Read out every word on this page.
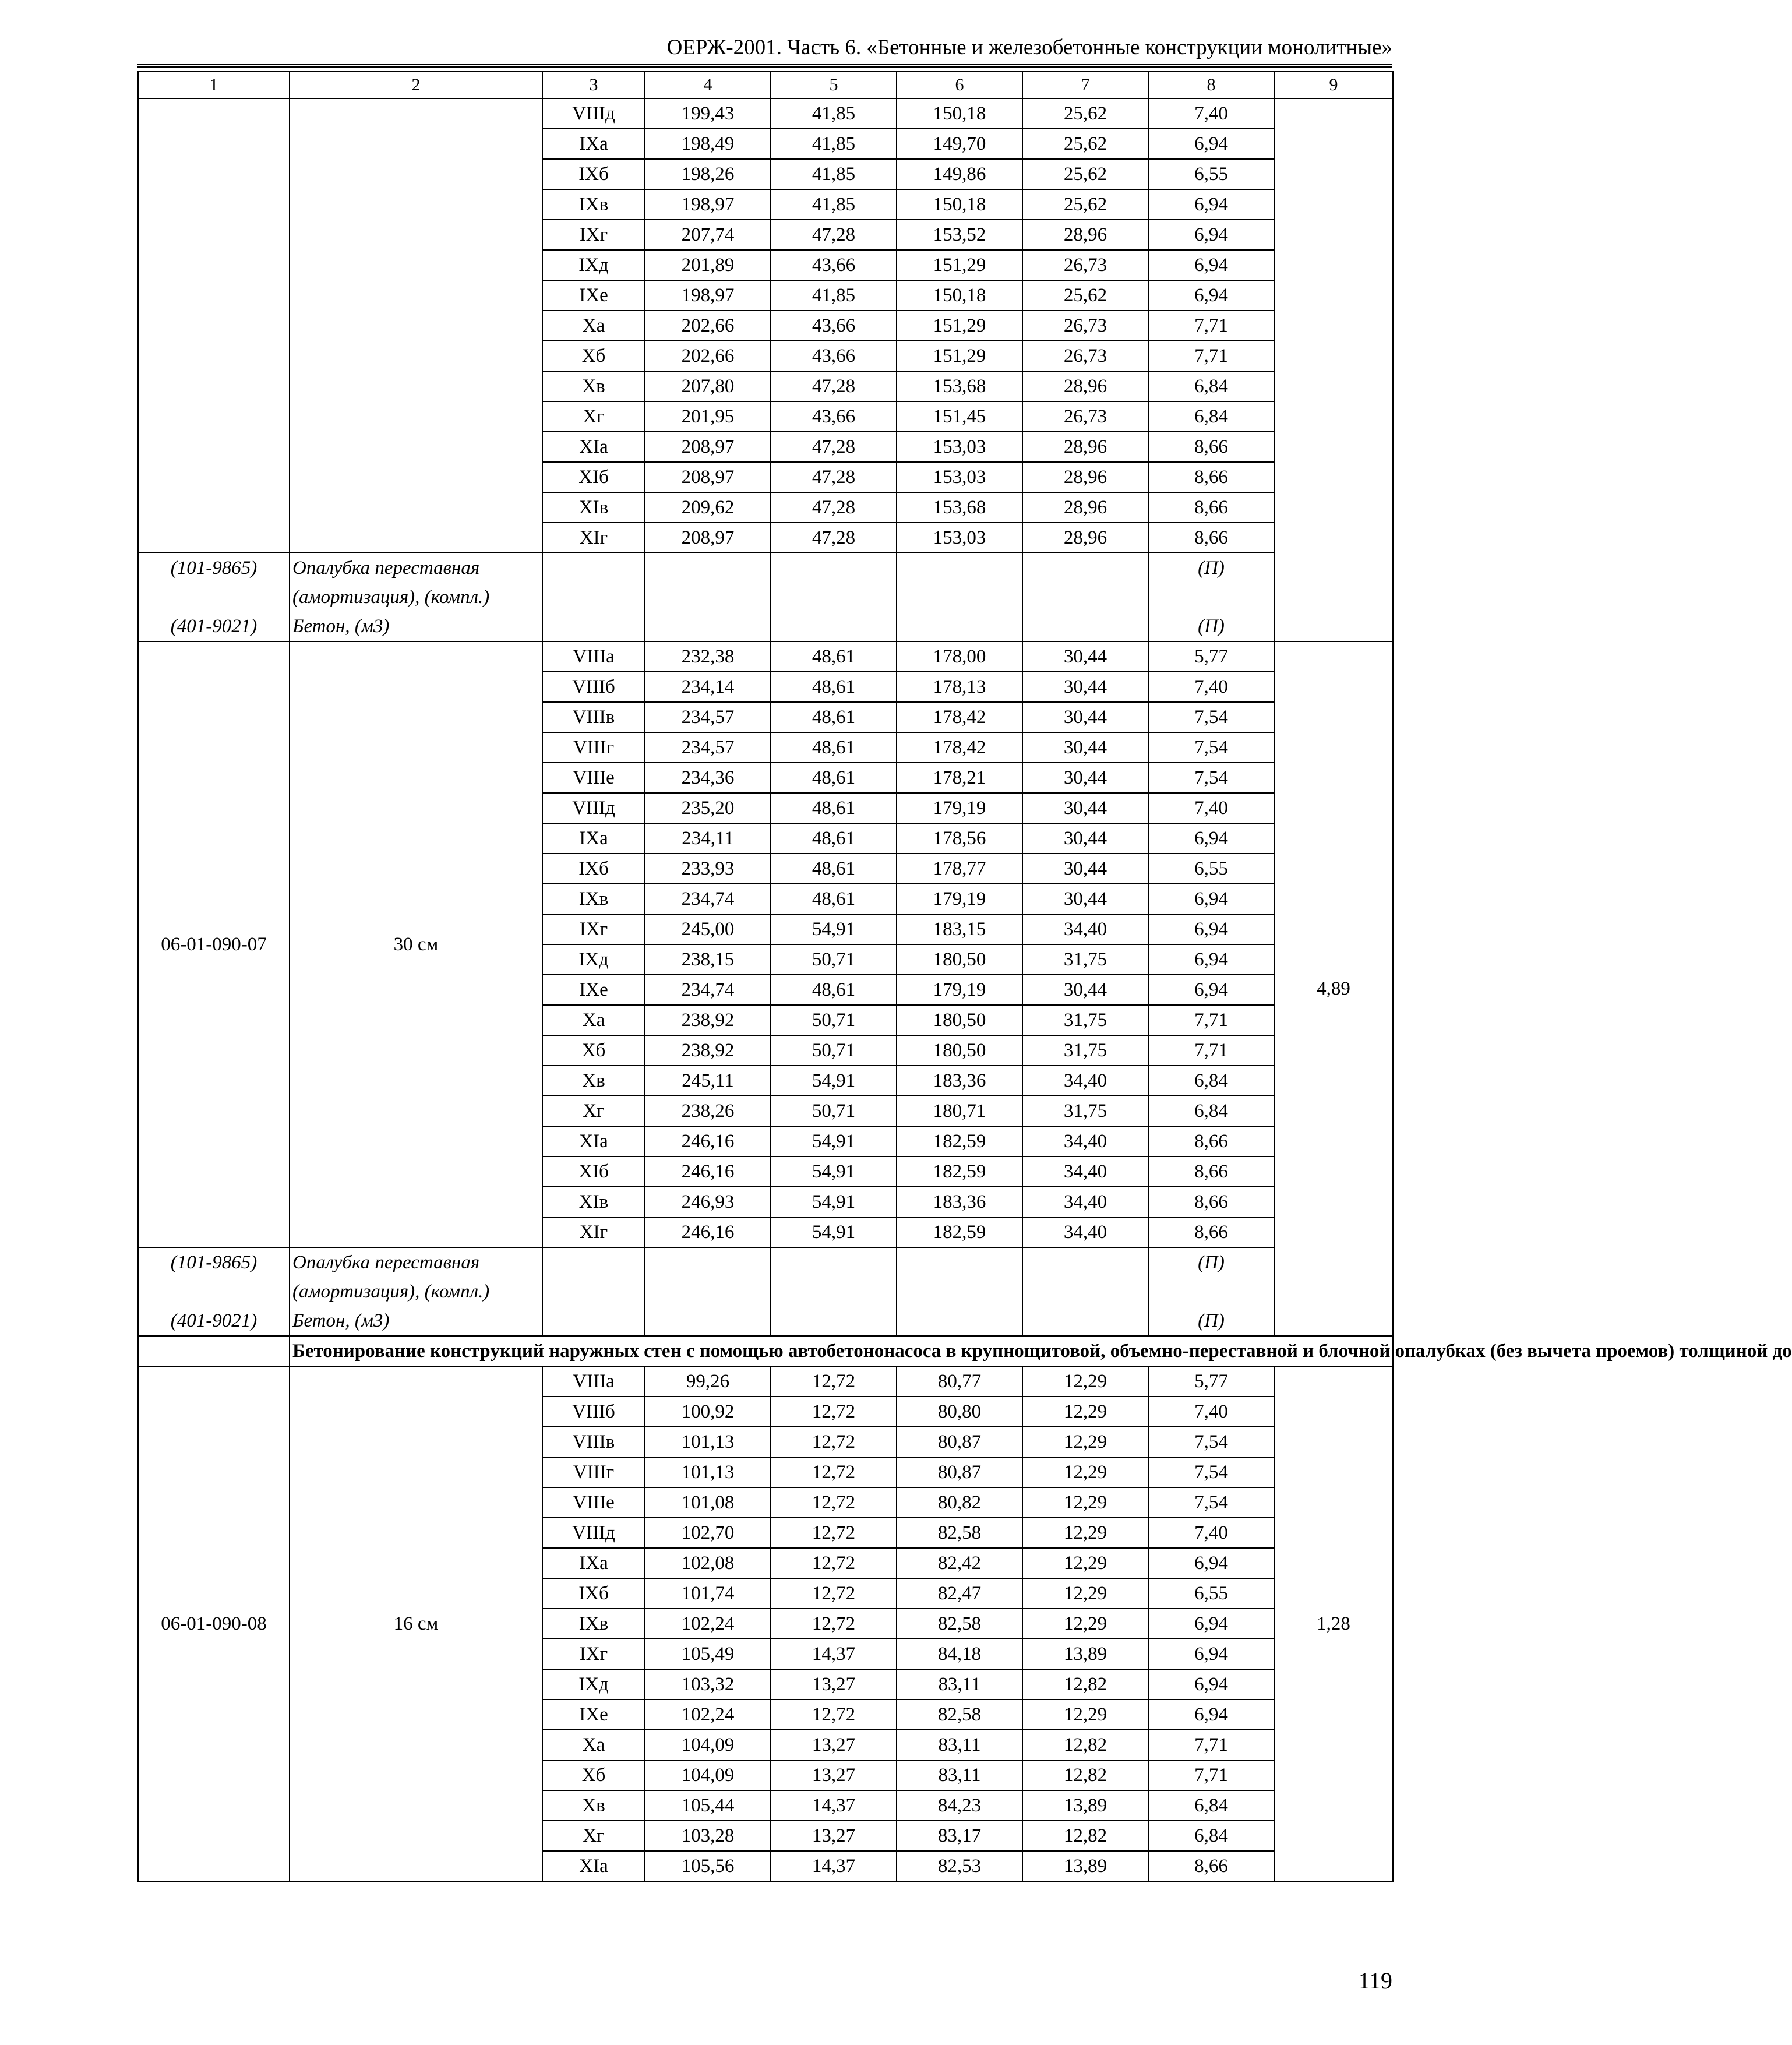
ОЕРЖ-2001. Часть 6. «Бетонные и железобетонные конструкции монолитные»
1	2	3	4	5	6	7	8	9
		VIIIд	199,43	41,85	150,18	25,62	7,40	
		IXа	198,49	41,85	149,70	25,62	6,94	
		IXб	198,26	41,85	149,86	25,62	6,55	
		IXв	198,97	41,85	150,18	25,62	6,94	
		IXг	207,74	47,28	153,52	28,96	6,94	
		IXд	201,89	43,66	151,29	26,73	6,94	
		IXе	198,97	41,85	150,18	25,62	6,94	
		Xа	202,66	43,66	151,29	26,73	7,71	
		Xб	202,66	43,66	151,29	26,73	7,71	
		Xв	207,80	47,28	153,68	28,96	6,84	
		Xг	201,95	43,66	151,45	26,73	6,84	
		XIа	208,97	47,28	153,03	28,96	8,66	
		XIб	208,97	47,28	153,03	28,96	8,66	
		XIв	209,62	47,28	153,68	28,96	8,66	
		XIг	208,97	47,28	153,03	28,96	8,66	
(101-9865)	Опалубка переставная						(П)	
	(амортизация), (компл.)							
(401-9021)	Бетон, (м3)						(П)	
06-01-090-07	30 см	VIIIа	232,38	48,61	178,00	30,44	5,77	4,89
		VIIIб	234,14	48,61	178,13	30,44	7,40	
		VIIIв	234,57	48,61	178,42	30,44	7,54	
		VIIIг	234,57	48,61	178,42	30,44	7,54	
		VIIIе	234,36	48,61	178,21	30,44	7,54	
		VIIIд	235,20	48,61	179,19	30,44	7,40	
		IXа	234,11	48,61	178,56	30,44	6,94	
		IXб	233,93	48,61	178,77	30,44	6,55	
		IXв	234,74	48,61	179,19	30,44	6,94	
		IXг	245,00	54,91	183,15	34,40	6,94	
		IXд	238,15	50,71	180,50	31,75	6,94	
		IXе	234,74	48,61	179,19	30,44	6,94	
		Xа	238,92	50,71	180,50	31,75	7,71	
		Xб	238,92	50,71	180,50	31,75	7,71	
		Xв	245,11	54,91	183,36	34,40	6,84	
		Xг	238,26	50,71	180,71	31,75	6,84	
		XIа	246,16	54,91	182,59	34,40	8,66	
		XIб	246,16	54,91	182,59	34,40	8,66	
		XIв	246,93	54,91	183,36	34,40	8,66	
		XIг	246,16	54,91	182,59	34,40	8,66	
(101-9865)	Опалубка переставная						(П)	
	(амортизация), (компл.)							
(401-9021)	Бетон, (м3)						(П)	
	Бетонирование конструкций наружных стен с помощью автобетононасоса в крупнощитовой, объемно-переставной и блочной опалубках (без вычета проемов) толщиной до							
06-01-090-08	16 см	VIIIа	99,26	12,72	80,77	12,29	5,77	1,28
		VIIIб	100,92	12,72	80,80	12,29	7,40	
		VIIIв	101,13	12,72	80,87	12,29	7,54	
		VIIIг	101,13	12,72	80,87	12,29	7,54	
		VIIIе	101,08	12,72	80,82	12,29	7,54	
		VIIIд	102,70	12,72	82,58	12,29	7,40	
		IXа	102,08	12,72	82,42	12,29	6,94	
		IXб	101,74	12,72	82,47	12,29	6,55	
		IXв	102,24	12,72	82,58	12,29	6,94	
		IXг	105,49	14,37	84,18	13,89	6,94	
		IXд	103,32	13,27	83,11	12,82	6,94	
		IXе	102,24	12,72	82,58	12,29	6,94	
		Xа	104,09	13,27	83,11	12,82	7,71	
		Xб	104,09	13,27	83,11	12,82	7,71	
		Xв	105,44	14,37	84,23	13,89	6,84	
		Xг	103,28	13,27	83,17	12,82	6,84	
		XIа	105,56	14,37	82,53	13,89	8,66	
119
